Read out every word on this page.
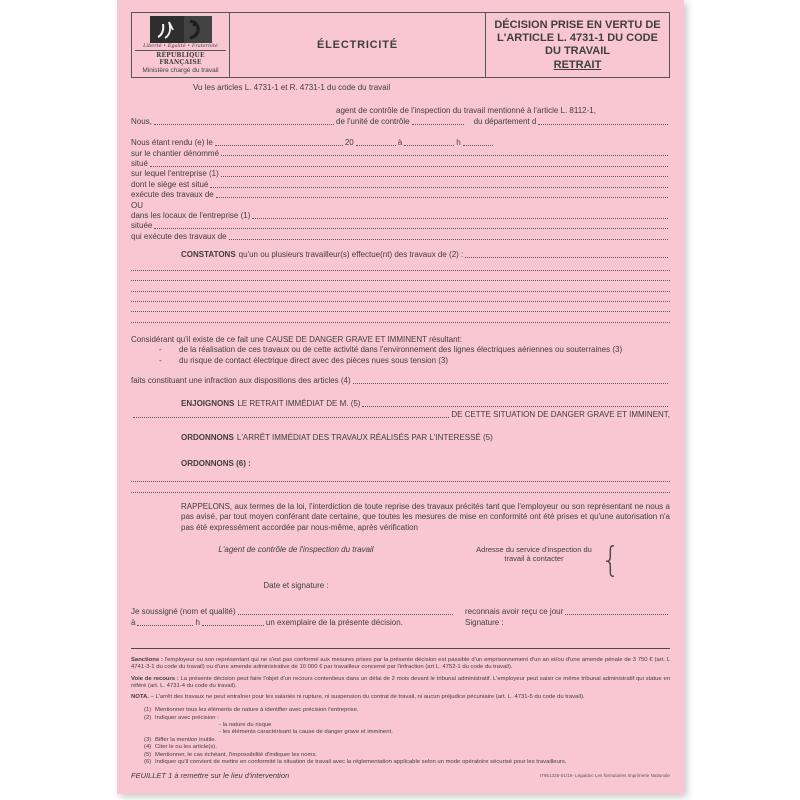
Liberté • Égalité • Fraternité
RÉPUBLIQUE FRANÇAISE
Ministère chargé du travail
ÉLECTRICITÉ
DÉCISION PRISE EN VERTU DE L'ARTICLE L. 4731-1 DU CODE DU TRAVAIL
RETRAIT
Vu les articles L. 4731-1 et R. 4731-1 du code du travail
Nous,
agent de contrôle de l'inspection du travail mentionné à l'article L. 8112-1,
de l'unité de contrôle	du département d
Nous étant rendu (e) le	20	à	h
sur le chantier dénommé
situé
sur lequel l'entreprise (1)
dont le siège est situé
exécute des travaux de
OU
dans les locaux de l'entreprise (1)
située
qui exécute des travaux de
CONSTATONS qu'un ou plusieurs travailleur(s) effectue(nt) des travaux de (2) :
Considérant qu'il existe de ce fait une CAUSE DE DANGER GRAVE ET IMMINENT résultant:
-	de la réalisation de ces travaux ou de cette activité dans l'environnement des lignes électriques aériennes ou souterraines (3)
-	du risque de contact électrique direct avec des pièces nues sous tension (3)
faits constituant une infraction aux dispositions des articles (4)
ENJOIGNONS LE RETRAIT IMMÉDIAT DE M. (5)
DE CETTE SITUATION DE DANGER GRAVE ET IMMINENT,
ORDONNONS L'ARRÊT IMMÉDIAT DES TRAVAUX RÉALISÉS PAR L'INTERESSÉ (5)
ORDONNONS (6) :
RAPPELONS, aux termes de la loi, l'interdiction de toute reprise des travaux précités tant que l'employeur ou son représentant ne nous a pas avisé, par tout moyen conférant date certaine, que toutes les mesures de mise en conformité ont été prises et qu'une autorisation n'a pas été expressément accordée par nous-même, après vérification
L'agent de contrôle de l'inspection du travail
Date et signature :
Adresse du service d'inspection du travail à contacter	{
Je soussigné (nom et qualité)
à	h	un exemplaire de la présente décision.
reconnais avoir reçu ce jour
Signature :
Sanctions : l'employeur ou son représentant qui ne s'est pas conformé aux mesures prises par la présente décision est passible d'un emprisonnement d'un an et/ou d'une amende pénale de 3 750 € (art. L 4741-3-1 du code du travail) ou d'une amende administrative de 10 000 € par travailleur concerné par l'infraction (art L. 4752-1 du code du travail).
Voie de recours : La présente décision peut faire l'objet d'un recours contentieux dans un délai de 2 mois devant le tribunal administratif. L'employeur peut saisir ce même tribunal administratif qui statue en référé (art. L. 4731-4 du code du travail).
NOTA. – L'arrêt des travaux ne peut entraîner pour les salariés ni rupture, ni suspension du contrat de travail, ni aucun préjudice pécuniaire (art. L. 4731-5 du code du travail).
(1) Mentionner tous les éléments de nature à identifier avec précision l'entreprise.
(2) Indiquer avec précision :
- la nature du risque
- les éléments caractérisant la cause de danger grave et imminent.
(3) Biffer la mention inutile.
(4) Citer le ou les article(s).
(5) Mentionner, le cas échéant, l'impossibilité d'indiquer les noms.
(6) Indiquer qu'il convient de mettre en conformité la situation de travail avec la réglementation applicable selon un mode opératoire sécurisé pour les travailleurs.
FEUILLET 1 à remettre sur le lieu d'intervention	IT951325-01/19- Légaldoc Les formulaires Imprimerie Nationale
